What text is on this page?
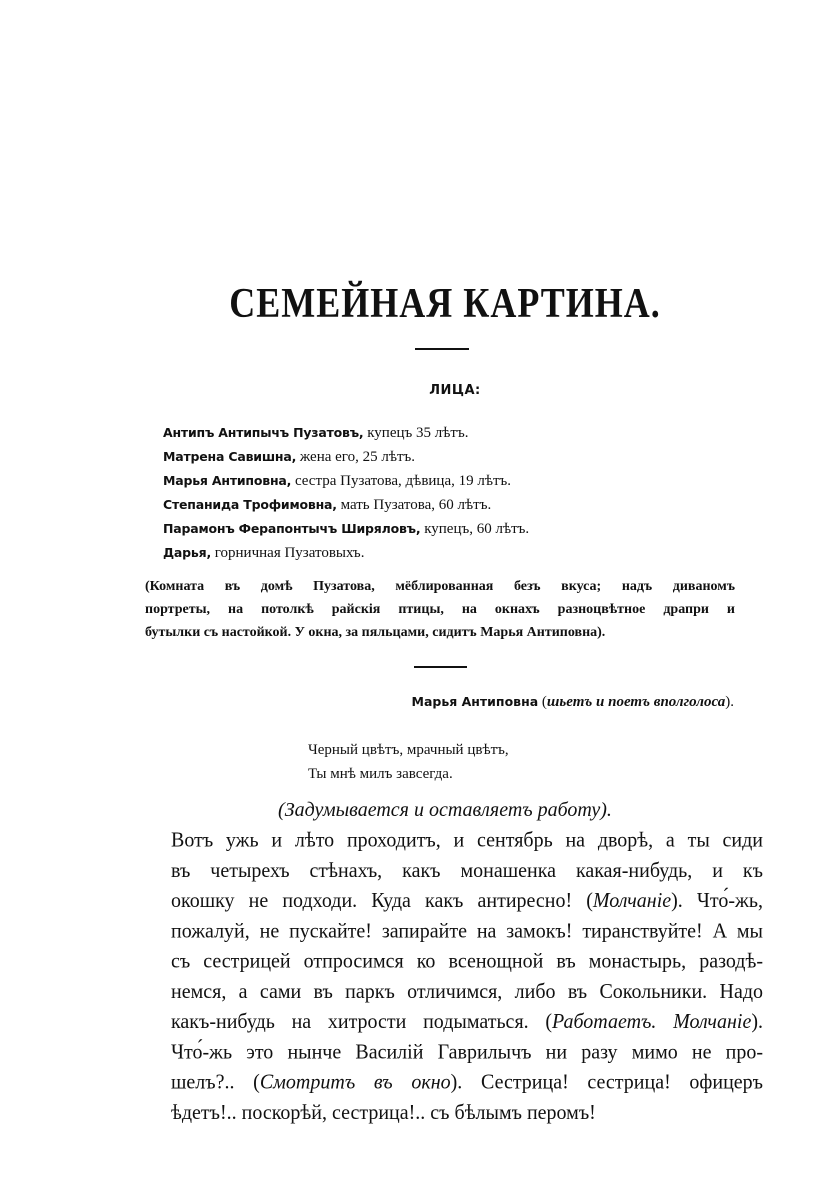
СЕМЕЙНАЯ КАРТИНА.
ЛИЦА:
Антипъ Антипычъ Пузатовъ, купецъ 35 лѣтъ.
Матрена Савишна, жена его, 25 лѣтъ.
Марья Антиповна, сестра Пузатова, дѣвица, 19 лѣтъ.
Степанида Трофимовна, мать Пузатова, 60 лѣтъ.
Парамонъ Ферапонтычъ Ширяловъ, купецъ, 60 лѣтъ.
Дарья, горничная Пузатовыхъ.

(Комната въ домѣ Пузатова, мёблированная безъ вкуса; надъ диваномъ
портреты, на потолкѣ райскія птицы, на окнахъ разноцвѣтное драпри и
бутылки съ настойкой. У окна, за пяльцами, сидитъ Марья Антиповна).

Марья Антиповна (шьетъ и поетъ вполголоса).
Черный цвѣтъ, мрачный цвѣтъ,
Ты мнѣ милъ завсегда.
(Задумывается и оставляетъ работу).
Вотъ ужь и лѣто проходитъ, и сентябрь на дворѣ, а ты сиди
въ четырехъ стѣнахъ, какъ монашенка какая-нибудь, и къ
окошку не подходи. Куда какъ антиресно! (Молчаніе). Что́-жь,
пожалуй, не пускайте! запирайте на замокъ! тиранствуйте! А мы
съ сестрицей отпросимся ко всенощной въ монастырь, разодѣ-
немся, а сами въ паркъ отличимся, либо въ Сокольники. Надо
какъ-нибудь на хитрости подыматься. (Работаетъ. Молчаніе).
Что́-жь это нынче Василій Гаврилычъ ни разу мимо не про-
шелъ?.. (Смотритъ въ окно). Сестрица! сестрица! офицеръ
ѣдетъ!.. поскорѣй, сестрица!.. съ бѣлымъ перомъ!
